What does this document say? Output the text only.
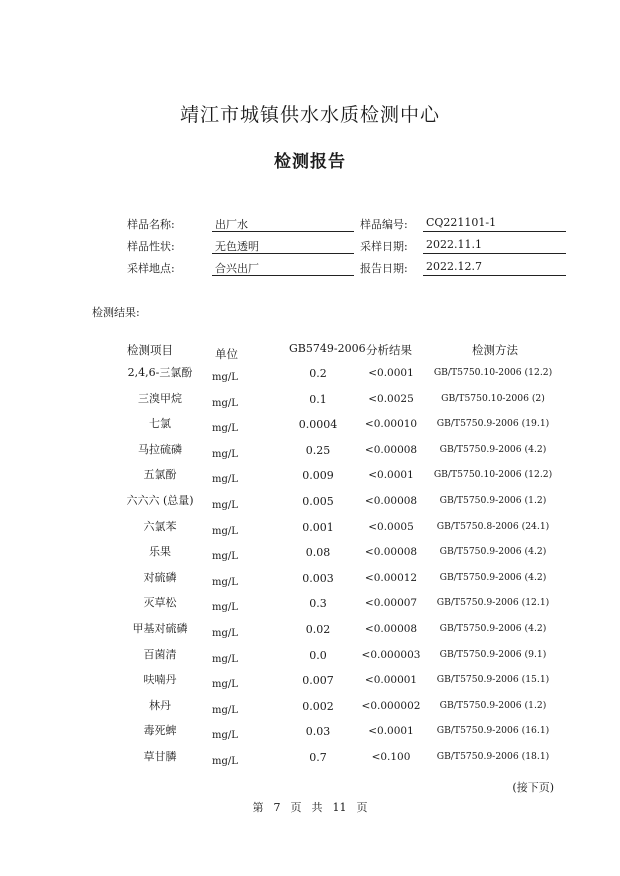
靖江市城镇供水水质检测中心
检测报告
样品名称:	出厂水	样品编号: CQ221101-1
样品性状:	无色透明	采样日期: 2022.11.1
采样地点:	合兴出厂	报告日期: 2022.12.7
检测结果:
检测项目	单位	GB5749-2006 分析结果	检测方法
2,4,6-三氯酚	mg/L	0.2	<0.0001	GB/T5750.10-2006 (12.2)
三溴甲烷	mg/L	0.1	<0.0025	GB/T5750.10-2006 (2)
七氯	mg/L	0.0004	<0.00010	GB/T5750.9-2006 (19.1)
马拉硫磷	mg/L	0.25	<0.00008	GB/T5750.9-2006 (4.2)
五氯酚	mg/L	0.009	<0.0001	GB/T5750.10-2006 (12.2)
六六六 (总量)	mg/L	0.005	<0.00008	GB/T5750.9-2006 (1.2)
六氯苯	mg/L	0.001	<0.0005	GB/T5750.8-2006 (24.1)
乐果	mg/L	0.08	<0.00008	GB/T5750.9-2006 (4.2)
对硫磷	mg/L	0.003	<0.00012	GB/T5750.9-2006 (4.2)
灭草松	mg/L	0.3	<0.00007	GB/T5750.9-2006 (12.1)
甲基对硫磷	mg/L	0.02	<0.00008	GB/T5750.9-2006 (4.2)
百菌清	mg/L	0.0	<0.000003	GB/T5750.9-2006 (9.1)
呋喃丹	mg/L	0.007	<0.00001	GB/T5750.9-2006 (15.1)
林丹	mg/L	0.002	<0.000002	GB/T5750.9-2006 (1.2)
毒死蜱	mg/L	0.03	<0.0001	GB/T5750.9-2006 (16.1)
草甘膦	mg/L	0.7	<0.100	GB/T5750.9-2006 (18.1)
(接下页)
第 7 页 共 11 页
